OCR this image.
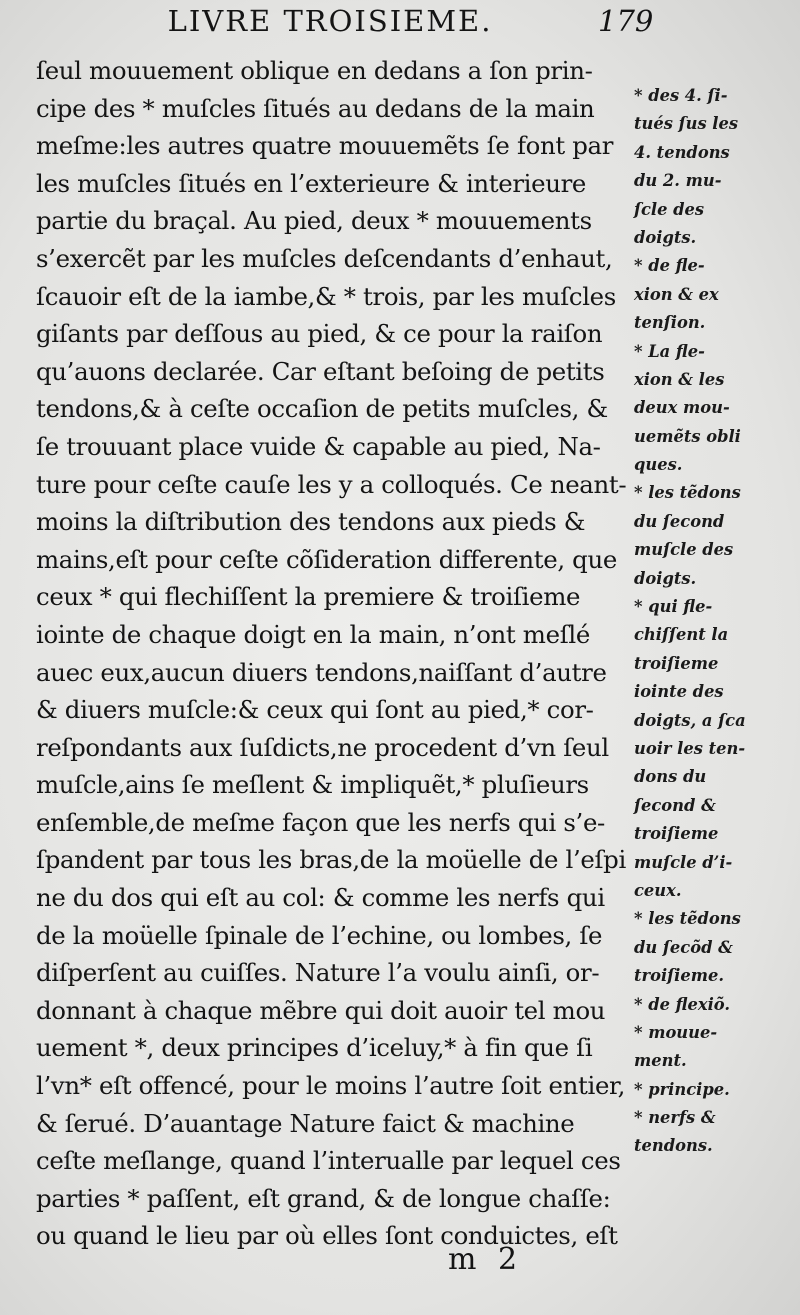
LIVRE TROISIEME.	179
ſeul mouuement oblique en dedans a ſon prin-
cipe des * muſcles ſitués au dedans de la main
meſme:les autres quatre mouuemẽts ſe font par
les muſcles ſitués en l’exterieure & interieure
partie du braçal. Au pied, deux * mouuements
s’exercẽt par les muſcles deſcendants d’enhaut,
ſcauoir eſt de la iambe,& * trois, par les muſcles
giſants par deſſous au pied, & ce pour la raiſon
qu’auons declarée. Car eſtant beſoing de petits
tendons,& à ceſte occaſion de petits muſcles, &
ſe trouuant place vuide & capable au pied, Na-
ture pour ceſte cauſe les y a colloqués. Ce neant-
moins la diſtribution des tendons aux pieds &
mains,eſt pour ceſte cõſideration differente, que
ceux * qui flechiſſent la premiere & troiſieme
iointe de chaque doigt en la main, n’ont meſlé
auec eux,aucun diuers tendons,naiſſant d’autre
& diuers muſcle:& ceux qui ſont au pied,* cor-
reſpondants aux ſuſdicts,ne procedent d’vn ſeul
muſcle,ains ſe meſlent & impliquẽt,* pluſieurs
enſemble,de meſme façon que les nerfs qui s’e-
ſpandent par tous les bras,de la moüelle de l’eſpi
ne du dos qui eſt au col: & comme les nerfs qui
de la moüelle ſpinale de l’echine, ou lombes, ſe
diſperſent au cuiſſes. Nature l’a voulu ainſi, or-
donnant à chaque mẽbre qui doit auoir tel mou
uement *, deux principes d’iceluy,* à fin que ſi
l’vn* eſt offencé, pour le moins l’autre ſoit entier,
& ſerué. D’auantage Nature faict & machine
ceſte meſlange, quand l’interualle par lequel ces
parties * paſſent, eſt grand, & de longue chaſſe:
ou quand le lieu par où elles ſont conduictes, eſt
* des 4. ſi-
tués ſus les
4. tendons
du 2. mu-
ſcle des
doigts.
* de fle-
xion & ex
tenſion.
* La fle-
xion & les
deux mou-
uemẽts obli
ques.
* les tẽdons
du ſecond
muſcle des
doigts.
* qui fle-
chiſſent la
troiſieme
iointe des
doigts, a ſca
uoir les ten-
dons du
ſecond &
troiſieme
muſcle d’i-
ceux.
* les tẽdons
du ſecõd &
troiſieme.
* de flexiõ.
* mouue-
ment.
* principe.
* nerfs &
tendons.
m 2
